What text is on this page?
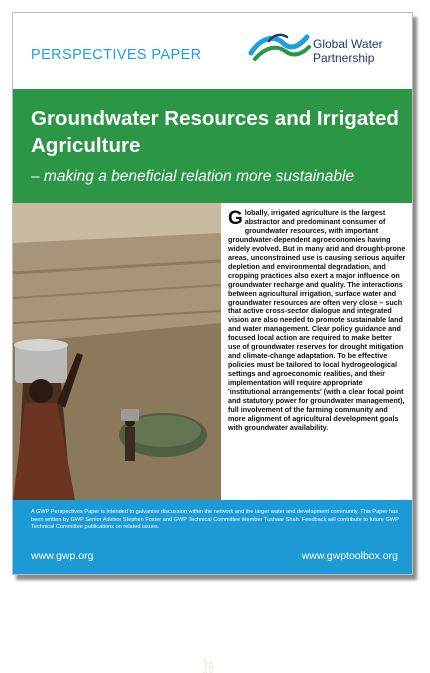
PERSPECTIVES PAPER
Global Water
Partnership
Groundwater Resources and Irrigated Agriculture
– making a beneficial relation more sustainable
Image: GWP
Globally, irrigated agriculture is the largest abstractor and predominant consumer of groundwater resources, with important groundwater-dependent agroeconomies having widely evolved. But in many arid and drought-prone areas, unconstrained use is causing serious aquifer depletion and environmental degradation, and cropping practices also exert a major influence on groundwater recharge and quality. The interactions between agricultural irrigation, surface water and groundwater resources are often very close – such that active cross-sector dialogue and integrated vision are also needed to promote sustainable land and water management. Clear policy guidance and focused local action are required to make better use of groundwater reserves for drought mitigation and climate-change adaptation. To be effective policies must be tailored to local hydrogeological settings and agroeconomic realities, and their implementation will require appropriate 'institutional arrangements' (with a clear focal point and statutory power for groundwater management), full involvement of the farming community and more alignment of agricultural development goals with groundwater availability.
A GWP Perspectives Paper is intended to galvanise discussion within the network and the larger water and development community. This Paper has been written by GWP Senior Advisor Stephen Foster and GWP Technical Committee Member Tushaar Shah. Feedback will contribute to future GWP Technical Committee publications on related issues.
www.gwp.org	www.gwptoolbox.org
